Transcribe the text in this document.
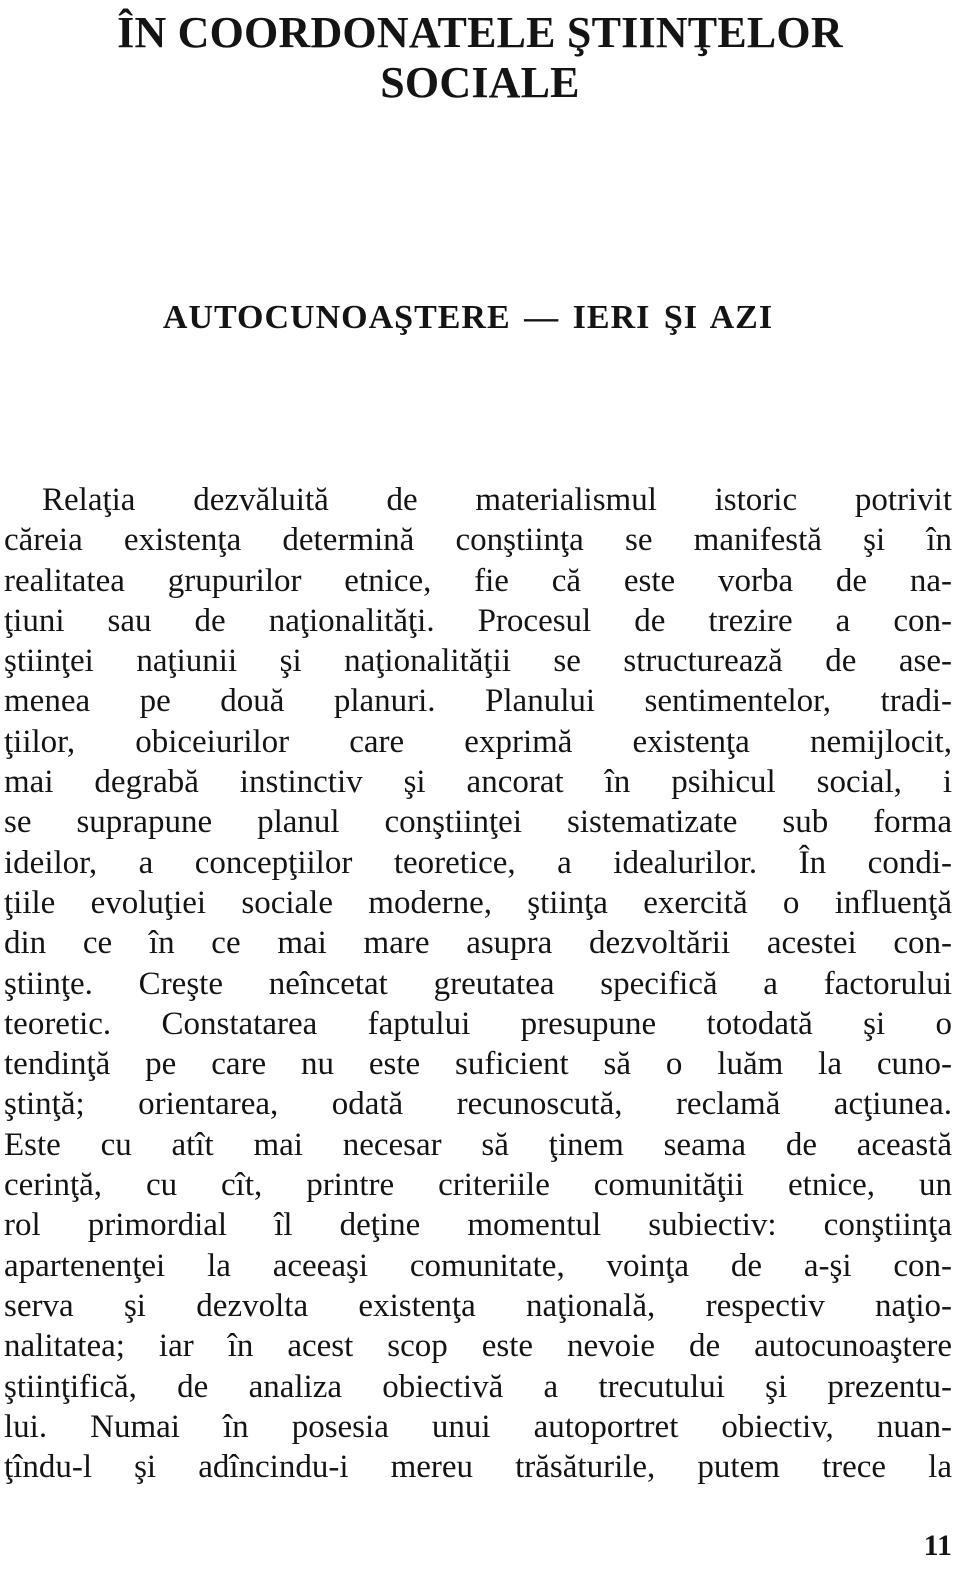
ÎN COORDONATELE ŞTIINŢELOR
SOCIALE
AUTOCUNOAŞTERE — IERI ŞI AZI
Relaţia dezvăluită de materialismul istoric potrivit
căreia existenţa determină conştiinţa se manifestă şi în
realitatea grupurilor etnice, fie că este vorba de na-
ţiuni sau de naţionalităţi. Procesul de trezire a con-
ştiinţei naţiunii şi naţionalităţii se structurează de ase-
menea pe două planuri. Planului sentimentelor, tradi-
ţiilor, obiceiurilor care exprimă existenţa nemijlocit,
mai degrabă instinctiv şi ancorat în psihicul social, i
se suprapune planul conştiinţei sistematizate sub forma
ideilor, a concepţiilor teoretice, a idealurilor. În condi-
ţiile evoluţiei sociale moderne, ştiinţa exercită o influenţă
din ce în ce mai mare asupra dezvoltării acestei con-
ştiinţe. Creşte neîncetat greutatea specifică a factorului
teoretic. Constatarea faptului presupune totodată şi o
tendinţă pe care nu este suficient să o luăm la cuno-
ştinţă; orientarea, odată recunoscută, reclamă acţiunea.
Este cu atît mai necesar să ţinem seama de această
cerinţă, cu cît, printre criteriile comunităţii etnice, un
rol primordial îl deţine momentul subiectiv: conştiinţa
apartenenţei la aceeaşi comunitate, voinţa de a-şi con-
serva şi dezvolta existenţa naţională, respectiv naţio-
nalitatea; iar în acest scop este nevoie de autocunoaştere
ştiinţifică, de analiza obiectivă a trecutului şi prezentu-
lui. Numai în posesia unui autoportret obiectiv, nuan-
ţîndu-l şi adîncindu-i mereu trăsăturile, putem trece la
11
